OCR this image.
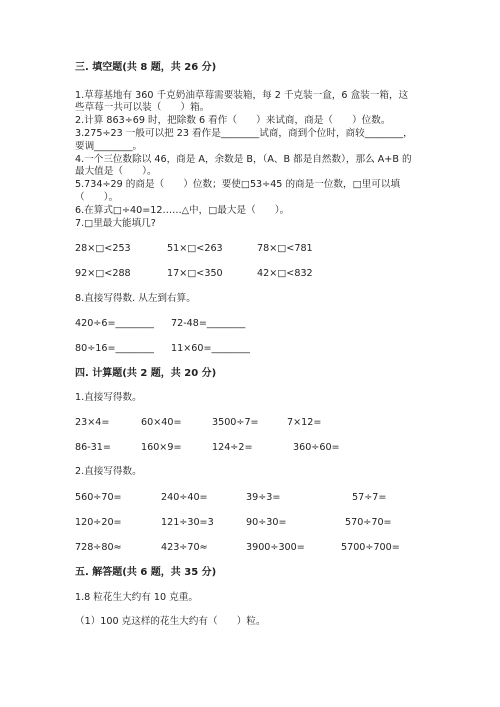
三. 填空题(共 8 题，共 26 分)
1.草莓基地有 360 千克奶油草莓需要装箱，每 2 千克装一盒，6 盒装一箱，这
些草莓一共可以装（　　）箱。
2.计算 863÷69 时，把除数 6 看作（　　）来试商，商是（　　）位数。
3.275÷23 一般可以把 23 看作是________试商，商到个位时，商较________，
要调________。
4.一个三位数除以 46，商是 A，余数是 B，（A、B 都是自然数），那么 A+B 的
最大值是（　　）。
5.734÷29 的商是（　　）位数；要使□53÷45 的商是一位数，□里可以填
（　　）。
6.在算式□÷40=12……△中，□最大是（　　）。
7.□里最大能填几?
28×□<253	51×□<263	78×□<781
92×□<288	17×□<350	42×□<832
8.直接写得数. 从左到右算。
420÷6=________ 72-48=________
80÷16=________ 11×60=________
四. 计算题(共 2 题，共 20 分)
1.直接写得数。
23×4=	60×40=	3500÷7=	7×12=
86-31=	160×9=	124÷2=	360÷60=
2.直接写得数。
560÷70=	240÷40=	39÷3=	57÷7=
120÷20=	121÷30=3	90÷30=	570÷70=
728÷80≈	423÷70≈	3900÷300=	5700÷700=
五. 解答题(共 6 题，共 35 分)
1.8 粒花生大约有 10 克重。
（1）100 克这样的花生大约有（　　）粒。
